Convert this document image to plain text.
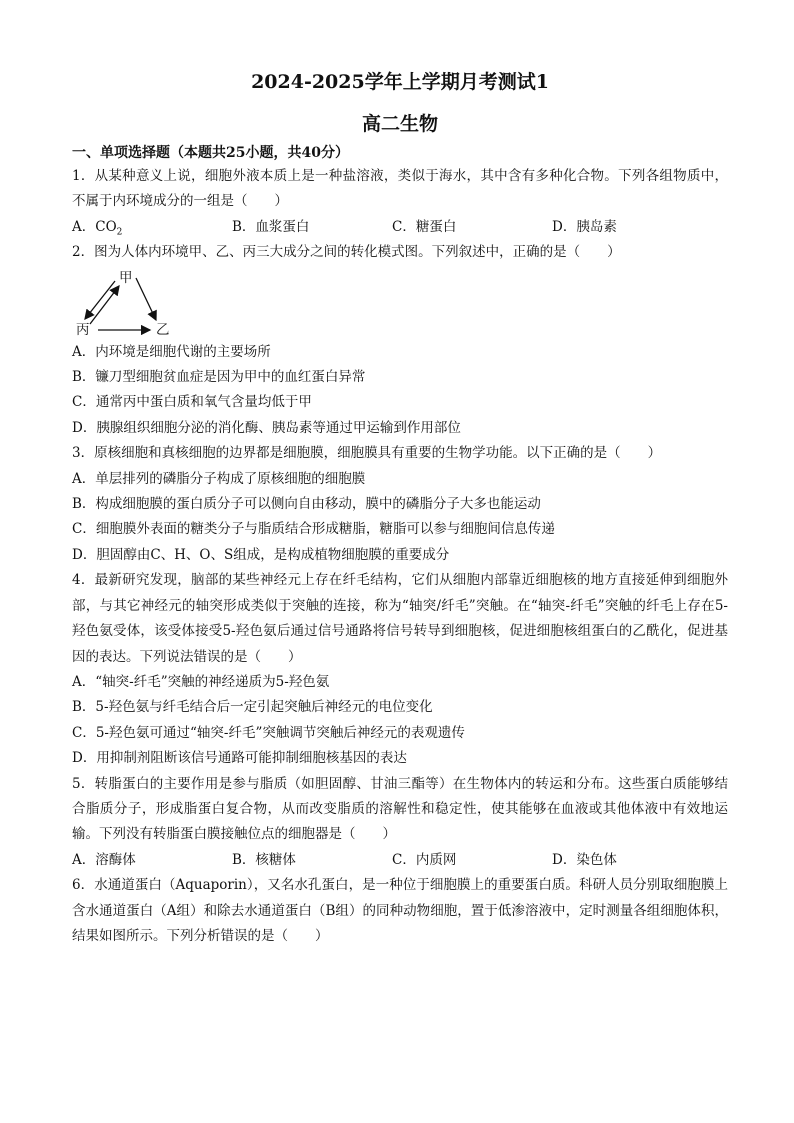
2024-2025学年上学期月考测试1
高二生物
一、单项选择题（本题共25小题，共40分）

1．从某种意义上说，细胞外液本质上是一种盐溶液，类似于海水，其中含有多种化合物。下列各组物质中，不属于内环境成分的一组是（　　）

A．$CO_2$	B．血浆蛋白	C．糖蛋白	D．胰岛素

2．图为人体内环境甲、乙、丙三大成分之间的转化模式图。下列叙述中，正确的是（　　）

甲
丙	乙

A．内环境是细胞代谢的主要场所

B．镰刀型细胞贫血症是因为甲中的血红蛋白异常

C．通常丙中蛋白质和氧气含量均低于甲

D．胰腺组织细胞分泌的消化酶、胰岛素等通过甲运输到作用部位

3．原核细胞和真核细胞的边界都是细胞膜，细胞膜具有重要的生物学功能。以下正确的是（　　）

A．单层排列的磷脂分子构成了原核细胞的细胞膜

B．构成细胞膜的蛋白质分子可以侧向自由移动，膜中的磷脂分子大多也能运动

C．细胞膜外表面的糖类分子与脂质结合形成糖脂，糖脂可以参与细胞间信息传递

D．胆固醇由C、H、O、S组成，是构成植物细胞膜的重要成分

4．最新研究发现，脑部的某些神经元上存在纤毛结构，它们从细胞内部靠近细胞核的地方直接延伸到细胞外部，与其它神经元的轴突形成类似于突触的连接，称为“轴突/纤毛”突触。在“轴突-纤毛”突触的纤毛上存在5-羟色氨受体，该受体接受5-羟色氨后通过信号通路将信号转导到细胞核，促进细胞核组蛋白的乙酰化，促进基因的表达。下列说法错误的是（　　）

A．“轴突-纤毛”突触的神经递质为5-羟色氨

B．5-羟色氨与纤毛结合后一定引起突触后神经元的电位变化

C．5-羟色氨可通过“轴突-纤毛”突触调节突触后神经元的表观遗传

D．用抑制剂阻断该信号通路可能抑制细胞核基因的表达

5．转脂蛋白的主要作用是参与脂质（如胆固醇、甘油三酯等）在生物体内的转运和分布。这些蛋白质能够结合脂质分子，形成脂蛋白复合物，从而改变脂质的溶解性和稳定性，使其能够在血液或其他体液中有效地运输。下列没有转脂蛋白膜接触位点的细胞器是（　　）

A．溶酶体	B．核糖体	C．内质网	D．染色体

6．水通道蛋白（Aquaporin），又名水孔蛋白，是一种位于细胞膜上的重要蛋白质。科研人员分别取细胞膜上含水通道蛋白（A组）和除去水通道蛋白（B组）的同种动物细胞，置于低渗溶液中，定时测量各组细胞体积，结果如图所示。下列分析错误的是（　　）
